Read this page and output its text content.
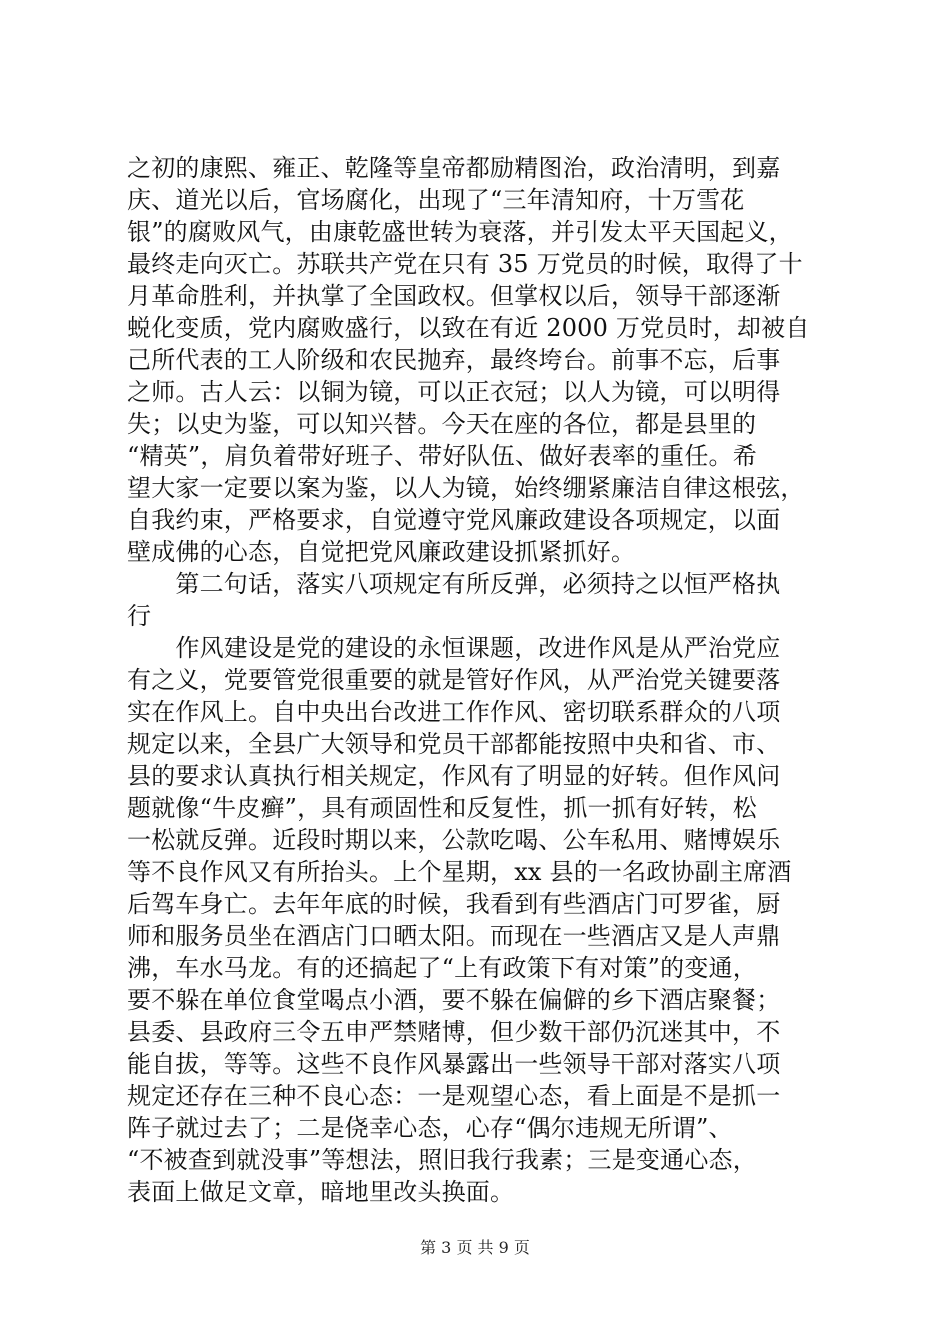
之初的康熙、雍正、乾隆等皇帝都励精图治，政治清明，到嘉
庆、道光以后，官场腐化，出现了“三年清知府，十万雪花
银”的腐败风气，由康乾盛世转为衰落，并引发太平天国起义，
最终走向灭亡。苏联共产党在只有 35 万党员的时候，取得了十
月革命胜利，并执掌了全国政权。但掌权以后，领导干部逐渐
蜕化变质，党内腐败盛行，以致在有近 2000 万党员时，却被自
己所代表的工人阶级和农民抛弃，最终垮台。前事不忘，后事
之师。古人云：以铜为镜，可以正衣冠；以人为镜，可以明得
失；以史为鉴，可以知兴替。今天在座的各位，都是县里的
“精英”，肩负着带好班子、带好队伍、做好表率的重任。希
望大家一定要以案为鉴，以人为镜，始终绷紧廉洁自律这根弦，
自我约束，严格要求，自觉遵守党风廉政建设各项规定，以面
壁成佛的心态，自觉把党风廉政建设抓紧抓好。
　　第二句话，落实八项规定有所反弹，必须持之以恒严格执
行
　　作风建设是党的建设的永恒课题，改进作风是从严治党应
有之义，党要管党很重要的就是管好作风，从严治党关键要落
实在作风上。自中央出台改进工作作风、密切联系群众的八项
规定以来，全县广大领导和党员干部都能按照中央和省、市、
县的要求认真执行相关规定，作风有了明显的好转。但作风问
题就像“牛皮癣”，具有顽固性和反复性，抓一抓有好转，松
一松就反弹。近段时期以来，公款吃喝、公车私用、赌博娱乐
等不良作风又有所抬头。上个星期，xx 县的一名政协副主席酒
后驾车身亡。去年年底的时候，我看到有些酒店门可罗雀，厨
师和服务员坐在酒店门口晒太阳。而现在一些酒店又是人声鼎
沸，车水马龙。有的还搞起了“上有政策下有对策”的变通，
要不躲在单位食堂喝点小酒，要不躲在偏僻的乡下酒店聚餐；
县委、县政府三令五申严禁赌博，但少数干部仍沉迷其中，不
能自拔，等等。这些不良作风暴露出一些领导干部对落实八项
规定还存在三种不良心态：一是观望心态，看上面是不是抓一
阵子就过去了；二是侥幸心态，心存“偶尔违规无所谓”、
“不被查到就没事”等想法，照旧我行我素；三是变通心态，
表面上做足文章，暗地里改头换面。
第 3 页 共 9 页
